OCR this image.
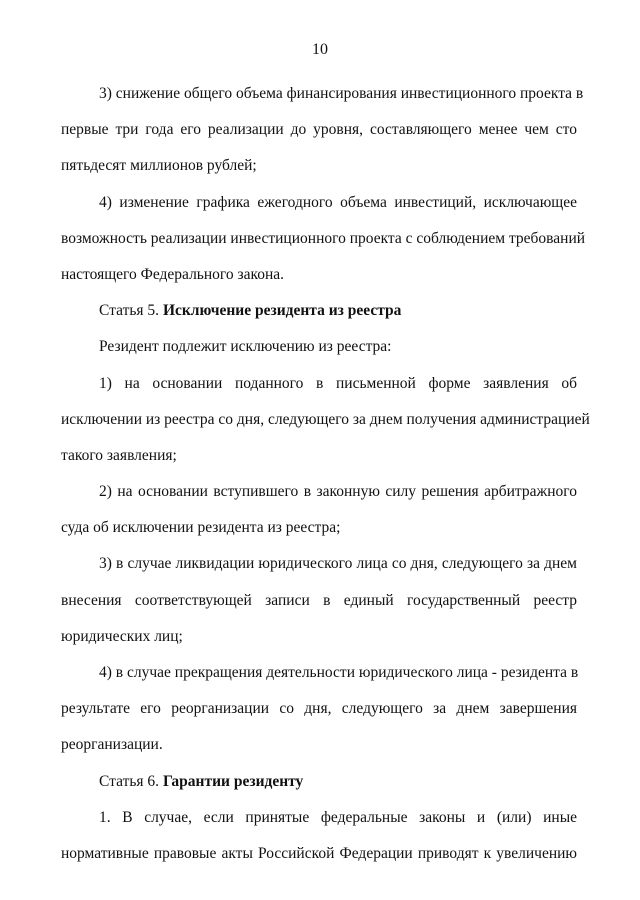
10
3) снижение общего объема финансирования инвестиционного проекта в
первые три года его реализации до уровня, составляющего менее чем сто
пятьдесят миллионов рублей;
4) изменение графика ежегодного объема инвестиций, исключающее
возможность реализации инвестиционного проекта с соблюдением требований
настоящего Федерального закона.
Статья 5. Исключение резидента из реестра
Резидент подлежит исключению из реестра:
1) на основании поданного в письменной форме заявления об
исключении из реестра со дня, следующего за днем получения администрацией
такого заявления;
2) на основании вступившего в законную силу решения арбитражного
суда об исключении резидента из реестра;
3) в случае ликвидации юридического лица со дня, следующего за днем
внесения соответствующей записи в единый государственный реестр
юридических лиц;
4) в случае прекращения деятельности юридического лица - резидента в
результате его реорганизации со дня, следующего за днем завершения
реорганизации.
Статья 6. Гарантии резиденту
1. В случае, если принятые федеральные законы и (или) иные
нормативные правовые акты Российской Федерации приводят к увеличению
